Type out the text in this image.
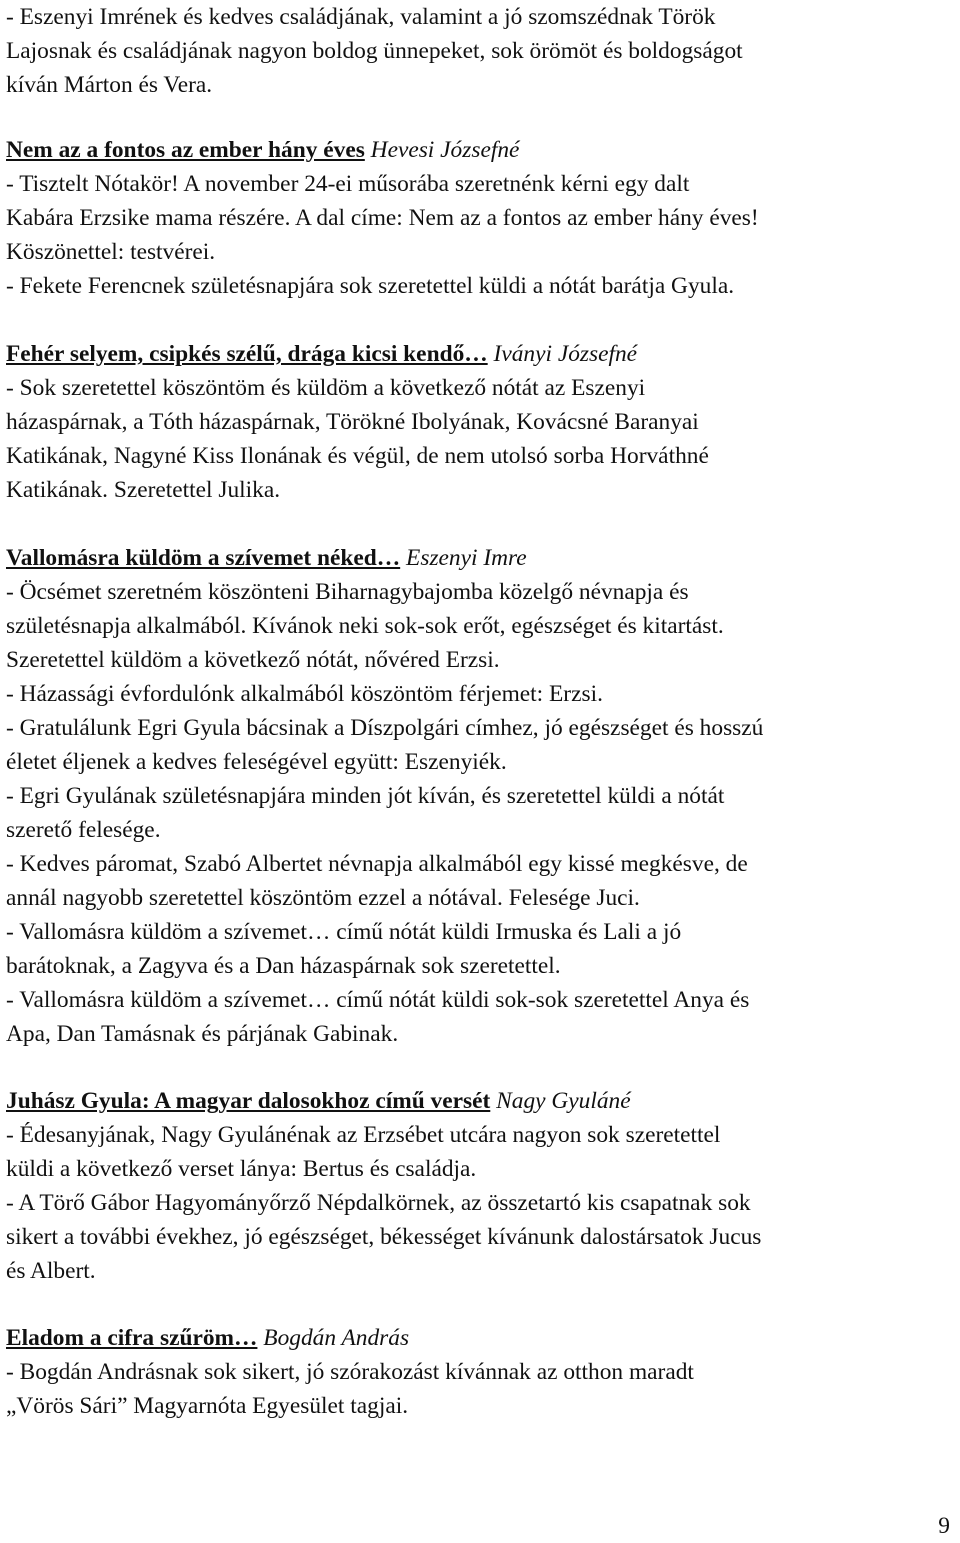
- Eszenyi Imrének és kedves családjának, valamint a jó szomszédnak Török
Lajosnak és családjának nagyon boldog ünnepeket, sok örömöt és boldogságot
kíván Márton és Vera.
Nem az a fontos az ember hány éves Hevesi Józsefné
- Tisztelt Nótakör! A november 24-ei műsorába szeretnénk kérni egy dalt
Kabára Erzsike mama részére. A dal címe: Nem az a fontos az ember hány éves!
Köszönettel: testvérei.
- Fekete Ferencnek születésnapjára sok szeretettel küldi a nótát barátja Gyula.
Fehér selyem, csipkés szélű, drága kicsi kendő… Iványi Józsefné
- Sok szeretettel köszöntöm és küldöm a következő nótát az Eszenyi
házaspárnak, a Tóth házaspárnak, Törökné Ibolyának, Kovácsné Baranyai
Katikának, Nagyné Kiss Ilonának és végül, de nem utolsó sorba Horváthné
Katikának. Szeretettel Julika.
Vallomásra küldöm a szívemet néked… Eszenyi Imre
- Öcsémet szeretném köszönteni Biharnagybajomba közelgő névnapja és
születésnapja alkalmából. Kívánok neki sok-sok erőt, egészséget és kitartást.
Szeretettel küldöm a következő nótát, nővéred Erzsi.
- Házassági évfordulónk alkalmából köszöntöm férjemet: Erzsi.
- Gratulálunk Egri Gyula bácsinak a Díszpolgári címhez, jó egészséget és hosszú
életet éljenek a kedves feleségével együtt: Eszenyiék.
- Egri Gyulának születésnapjára minden jót kíván, és szeretettel küldi a nótát
szerető felesége.
- Kedves páromat, Szabó Albertet névnapja alkalmából egy kissé megkésve, de
annál nagyobb szeretettel köszöntöm ezzel a nótával. Felesége Juci.
- Vallomásra küldöm a szívemet… című nótát küldi Irmuska és Lali a jó
barátoknak, a Zagyva és a Dan házaspárnak sok szeretettel.
- Vallomásra küldöm a szívemet… című nótát küldi sok-sok szeretettel Anya és
Apa, Dan Tamásnak és párjának Gabinak.
Juhász Gyula: A magyar dalosokhoz című versét Nagy Gyuláné
- Édesanyjának, Nagy Gyulánénak az Erzsébet utcára nagyon sok szeretettel
küldi a következő verset lánya: Bertus és családja.
- A Törő Gábor Hagyományőrző Népdalkörnek, az összetartó kis csapatnak sok
sikert a további évekhez, jó egészséget, békességet kívánunk dalostársatok Jucus
és Albert.
Eladom a cifra szűröm… Bogdán András
- Bogdán Andrásnak sok sikert, jó szórakozást kívánnak az otthon maradt
„Vörös Sári” Magyarnóta Egyesület tagjai.
9
